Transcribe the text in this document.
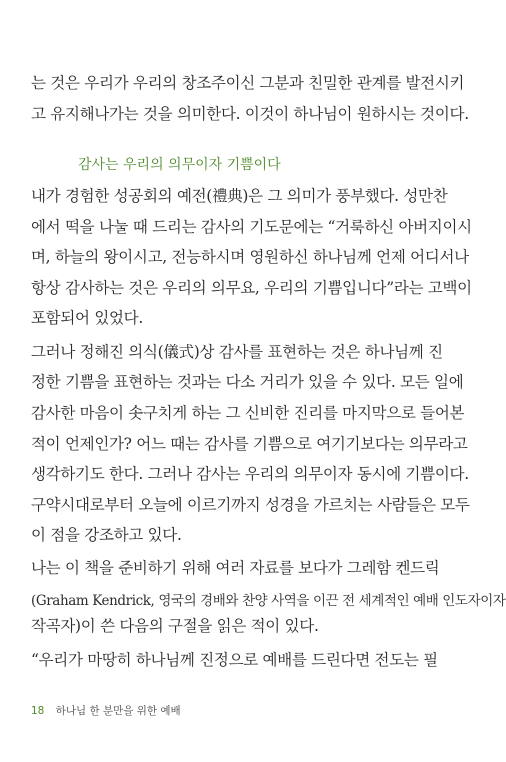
는 것은 우리가 우리의 창조주이신 그분과 친밀한 관계를 발전시키
고 유지해나가는 것을 의미한다. 이것이 하나님이 원하시는 것이다.
감사는 우리의 의무이자 기쁨이다
내가 경험한 성공회의 예전(禮典)은 그 의미가 풍부했다. 성만찬
에서 떡을 나눌 때 드리는 감사의 기도문에는 “거룩하신 아버지이시
며, 하늘의 왕이시고, 전능하시며 영원하신 하나님께 언제 어디서나
항상 감사하는 것은 우리의 의무요, 우리의 기쁨입니다”라는 고백이
포함되어 있었다.
그러나 정해진 의식(儀式)상 감사를 표현하는 것은 하나님께 진
정한 기쁨을 표현하는 것과는 다소 거리가 있을 수 있다. 모든 일에
감사한 마음이 솟구치게 하는 그 신비한 진리를 마지막으로 들어본
적이 언제인가? 어느 때는 감사를 기쁨으로 여기기보다는 의무라고
생각하기도 한다. 그러나 감사는 우리의 의무이자 동시에 기쁨이다.
구약시대로부터 오늘에 이르기까지 성경을 가르치는 사람들은 모두
이 점을 강조하고 있다.
나는 이 책을 준비하기 위해 여러 자료를 보다가 그레함 켄드릭
(Graham Kendrick, 영국의 경배와 찬양 사역을 이끈 전 세계적인 예배 인도자이자
작곡자)이 쓴 다음의 구절을 읽은 적이 있다.
“우리가 마땅히 하나님께 진정으로 예배를 드린다면 전도는 필
18 하나님 한 분만을 위한 예배
